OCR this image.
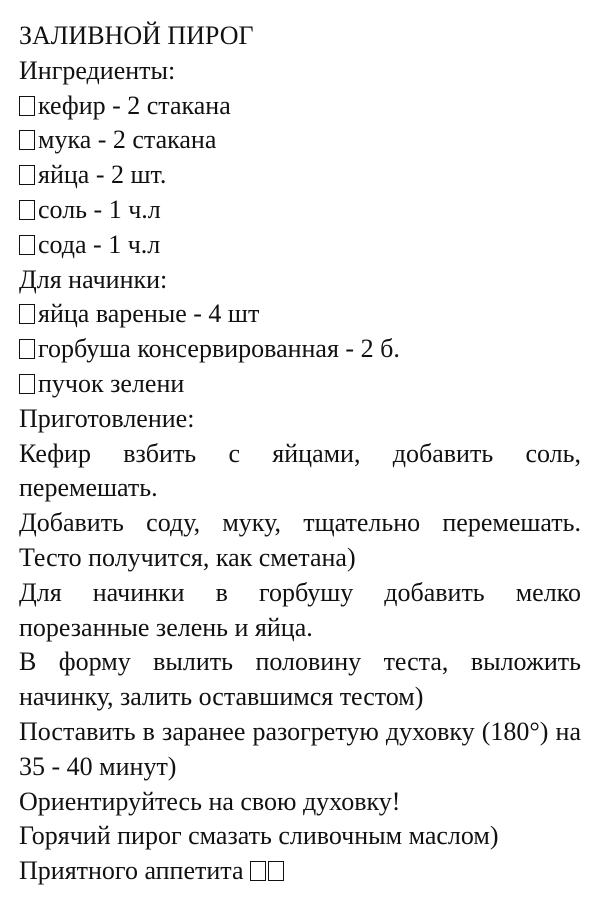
ЗАЛИВНОЙ ПИРОГ
Ингредиенты:
кефир - 2 стакана
мука - 2 стакана
яйца - 2 шт.
соль - 1 ч.л
сода - 1 ч.л
Для начинки:
яйца вареные - 4 шт
горбуша консервированная - 2 б.
пучок зелени
Приготовление:

Кефир взбить с яйцами, добавить соль, перемешать.

Добавить соду, муку, тщательно перемешать. Тесто получится, как сметана)

Для начинки в горбушу добавить мелко порезанные зелень и яйца.

В форму вылить половину теста, выложить начинку, залить оставшимся тестом)

Поставить в заранее разогретую духовку (180°) на 35 - 40 минут)

Ориентируйтесь на свою духовку!

Горячий пирог смазать сливочным маслом)

Приятного аппетита
